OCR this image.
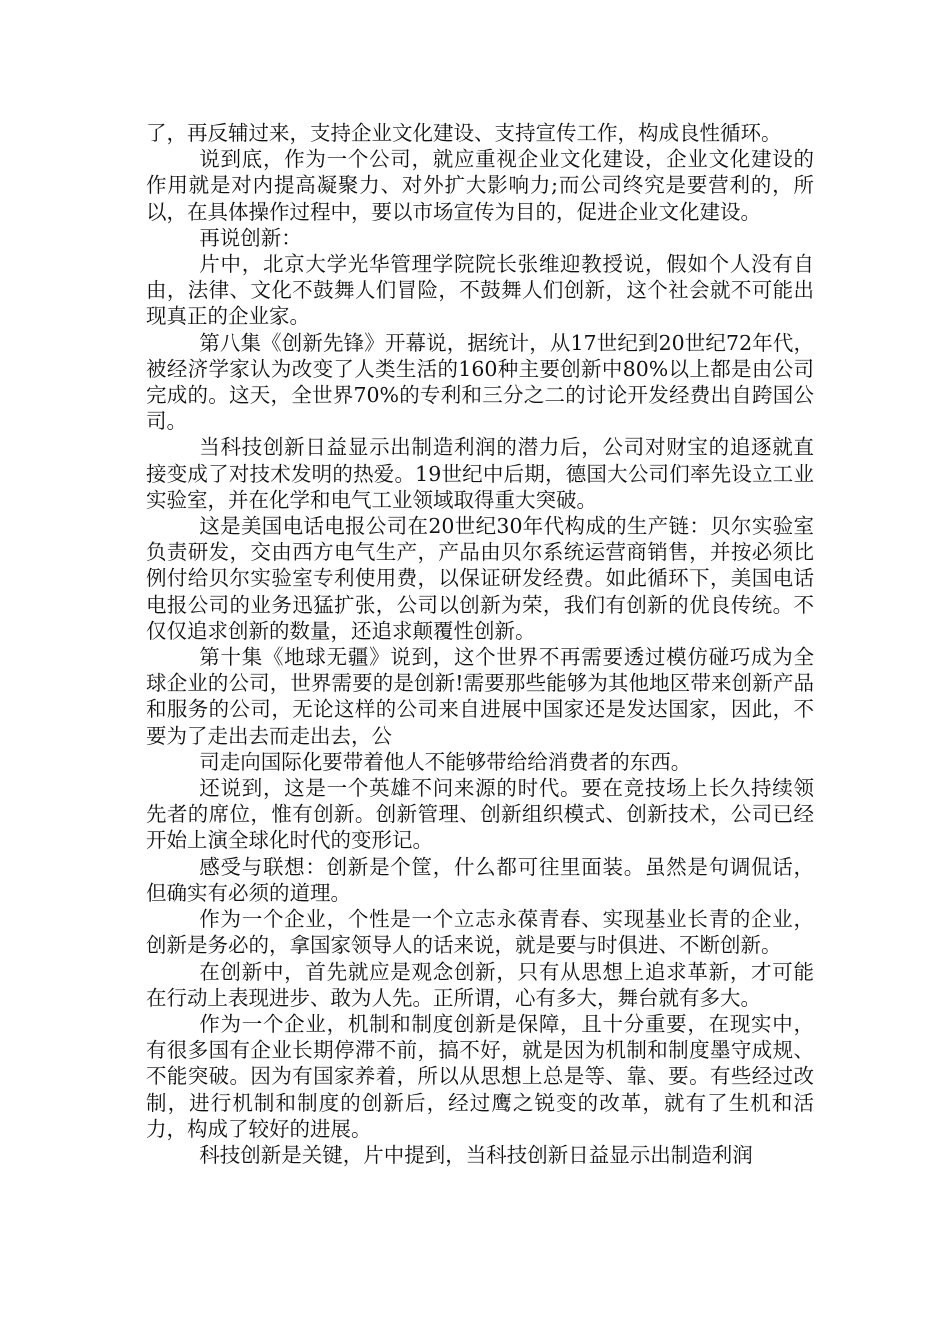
了，再反辅过来，支持企业文化建设、支持宣传工作，构成良性循环。

说到底，作为一个公司，就应重视企业文化建设，企业文化建设的作用就是对内提高凝聚力、对外扩大影响力;而公司终究是要营利的，所以，在具体操作过程中，要以市场宣传为目的，促进企业文化建设。

再说创新：

片中，北京大学光华管理学院院长张维迎教授说，假如个人没有自由，法律、文化不鼓舞人们冒险，不鼓舞人们创新，这个社会就不可能出现真正的企业家。

第八集《创新先锋》开幕说，据统计，从17世纪到20世纪72年代，被经济学家认为改变了人类生活的160种主要创新中80%以上都是由公司完成的。这天，全世界70%的专利和三分之二的讨论开发经费出自跨国公司。

当科技创新日益显示出制造利润的潜力后，公司对财宝的追逐就直接变成了对技术发明的热爱。19世纪中后期，德国大公司们率先设立工业实验室，并在化学和电气工业领域取得重大突破。

这是美国电话电报公司在20世纪30年代构成的生产链：贝尔实验室负责研发，交由西方电气生产，产品由贝尔系统运营商销售，并按必须比例付给贝尔实验室专利使用费，以保证研发经费。如此循环下，美国电话电报公司的业务迅猛扩张，公司以创新为荣，我们有创新的优良传统。不仅仅追求创新的数量，还追求颠覆性创新。

第十集《地球无疆》说到，这个世界不再需要透过模仿碰巧成为全球企业的公司，世界需要的是创新!需要那些能够为其他地区带来创新产品和服务的公司，无论这样的公司来自进展中国家还是发达国家，因此，不要为了走出去而走出去，公

司走向国际化要带着他人不能够带给给消费者的东西。

还说到，这是一个英雄不问来源的时代。要在竞技场上长久持续领先者的席位，惟有创新。创新管理、创新组织模式、创新技术，公司已经开始上演全球化时代的变形记。

感受与联想：创新是个筐，什么都可往里面装。虽然是句调侃话，但确实有必须的道理。

作为一个企业，个性是一个立志永葆青春、实现基业长青的企业，创新是务必的，拿国家领导人的话来说，就是要与时俱进、不断创新。

在创新中，首先就应是观念创新，只有从思想上追求革新，才可能在行动上表现进步、敢为人先。正所谓，心有多大，舞台就有多大。

作为一个企业，机制和制度创新是保障，且十分重要，在现实中，有很多国有企业长期停滞不前，搞不好，就是因为机制和制度墨守成规、不能突破。因为有国家养着，所以从思想上总是等、靠、要。有些经过改制，进行机制和制度的创新后，经过鹰之锐变的改革，就有了生机和活力，构成了较好的进展。

科技创新是关键，片中提到，当科技创新日益显示出制造利润
